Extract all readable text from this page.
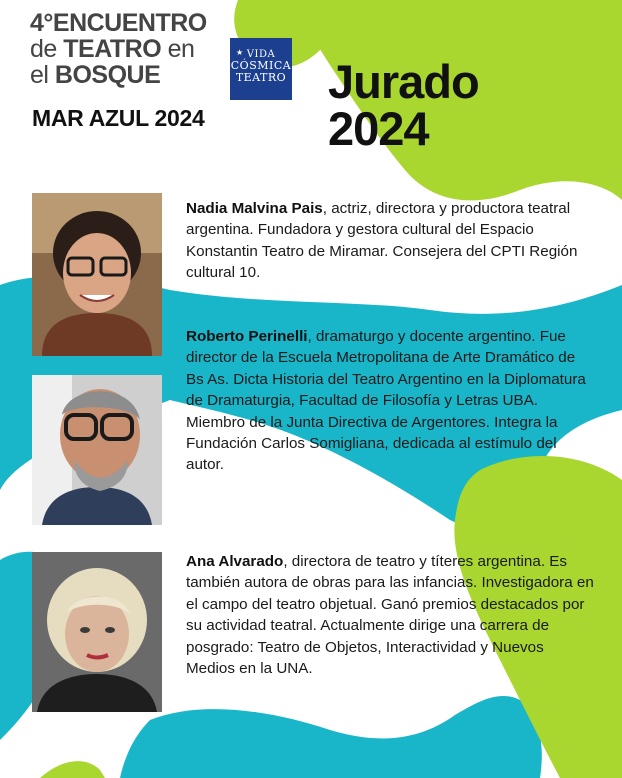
4°ENCUENTRO
de TEATRO en
el BOSQUE
MAR AZUL 2024
★ VIDA
CÓSMICA
TEATRO Jurado
2024
Nadia Malvina Pais, actriz, directora y productora teatral argentina. Fundadora y gestora cultural del Espacio Konstantin Teatro de Miramar. Consejera del CPTI Región cultural 10.
Roberto Perinelli, dramaturgo y docente argentino. Fue director de la Escuela Metropolitana de Arte Dramático de Bs As. Dicta Historia del Teatro Argentino en la Diplomatura de Dramaturgia, Facultad de Filosofía y Letras UBA. Miembro de la Junta Directiva de Argentores. Integra la Fundación Carlos Somigliana, dedicada al estímulo del autor.
Ana Alvarado, directora de teatro y títeres argentina. Es también autora de obras para las infancias. Investigadora en el campo del teatro objetual. Ganó premios destacados por su actividad teatral. Actualmente dirige una carrera de posgrado: Teatro de Objetos, Interactividad y Nuevos Medios en la UNA.
